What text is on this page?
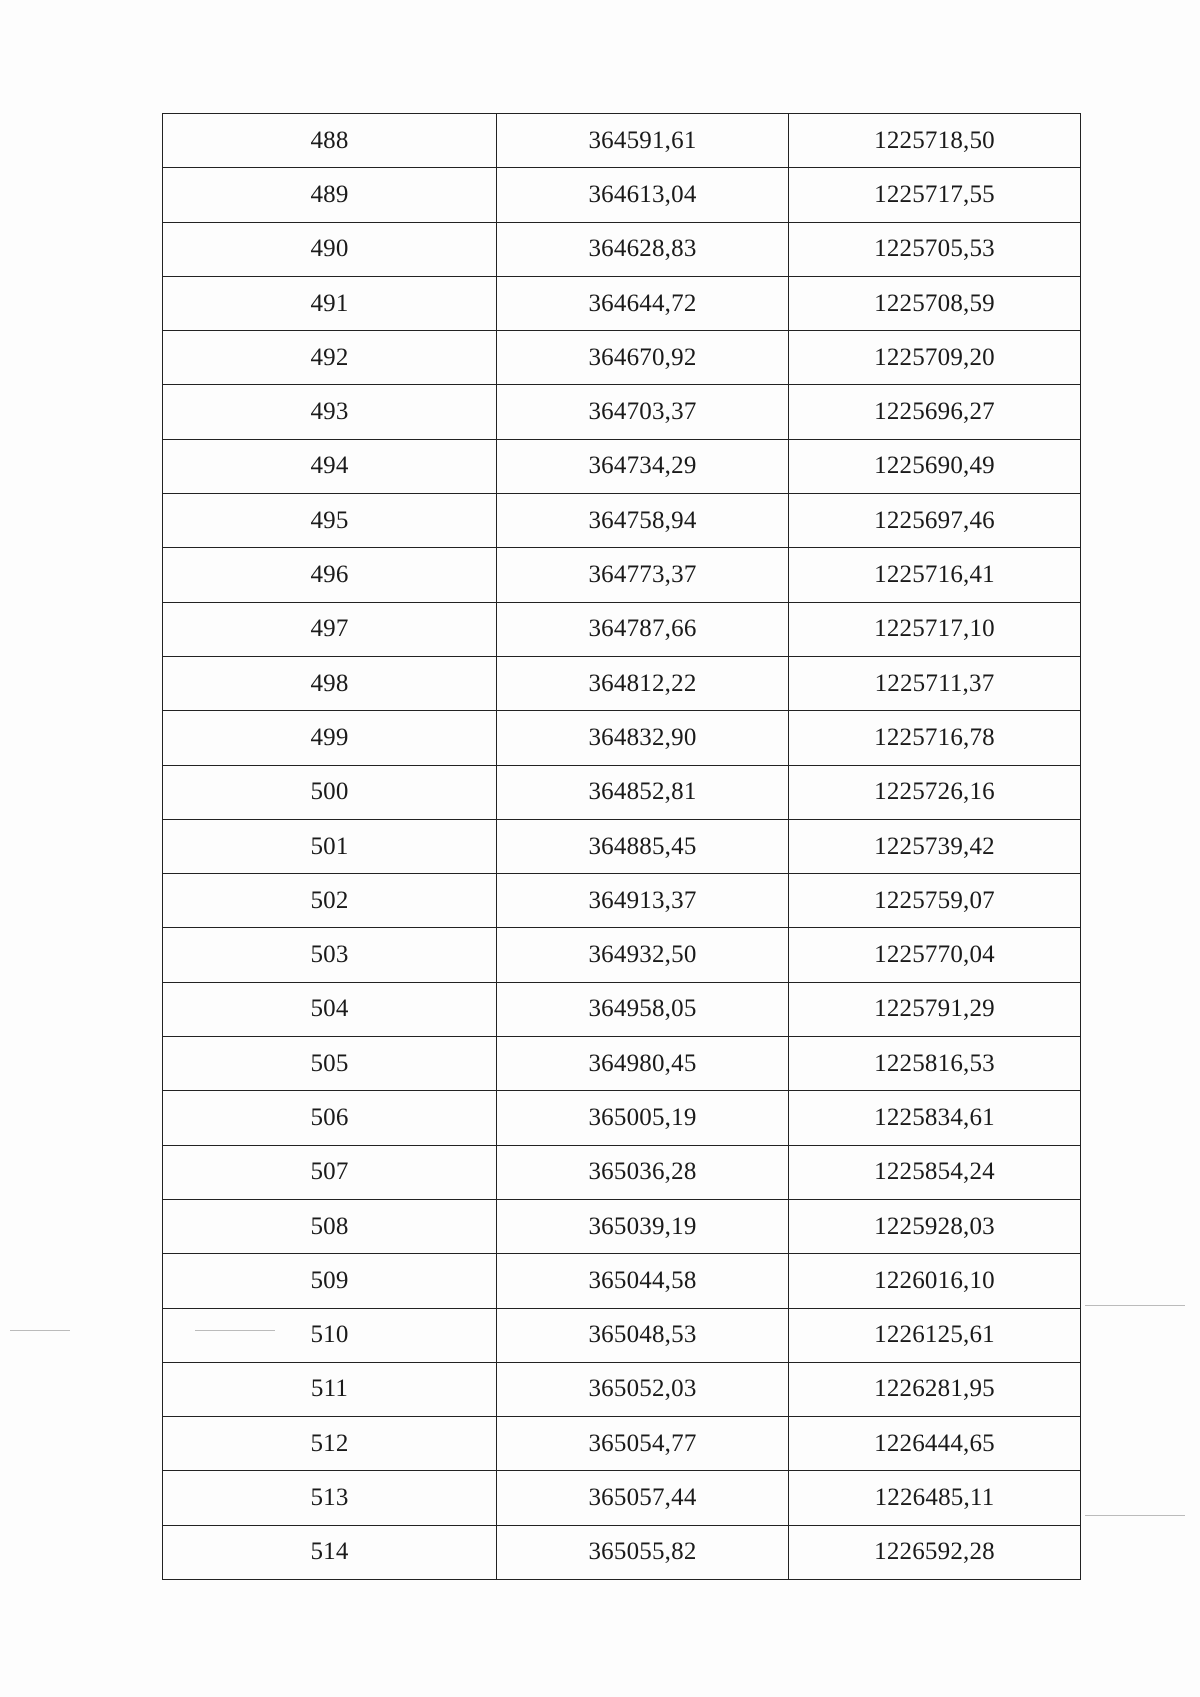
488	364591,61	1225718,50
489	364613,04	1225717,55
490	364628,83	1225705,53
491	364644,72	1225708,59
492	364670,92	1225709,20
493	364703,37	1225696,27
494	364734,29	1225690,49
495	364758,94	1225697,46
496	364773,37	1225716,41
497	364787,66	1225717,10
498	364812,22	1225711,37
499	364832,90	1225716,78
500	364852,81	1225726,16
501	364885,45	1225739,42
502	364913,37	1225759,07
503	364932,50	1225770,04
504	364958,05	1225791,29
505	364980,45	1225816,53
506	365005,19	1225834,61
507	365036,28	1225854,24
508	365039,19	1225928,03
509	365044,58	1226016,10
510	365048,53	1226125,61
511	365052,03	1226281,95
512	365054,77	1226444,65
513	365057,44	1226485,11
514	365055,82	1226592,28
